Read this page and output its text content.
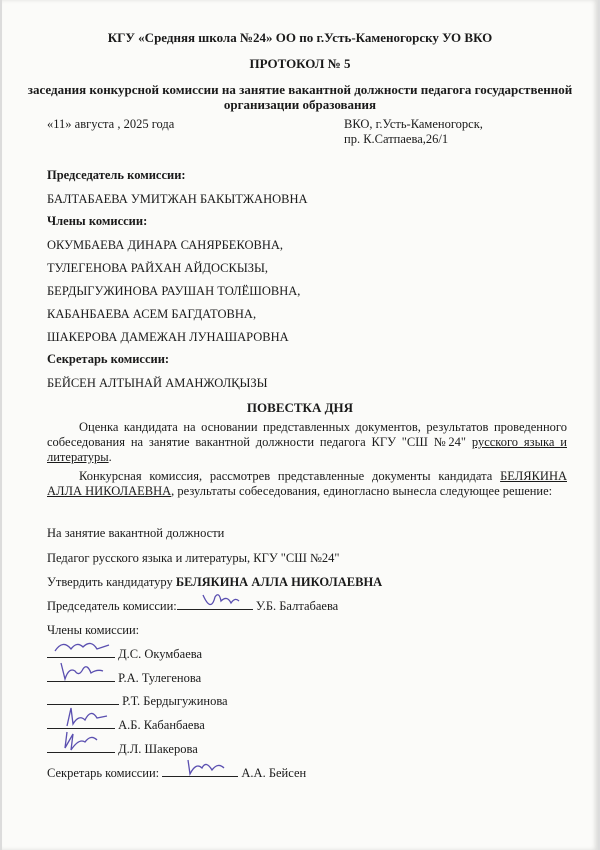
КГУ «Средняя школа №24» ОО по г.Усть-Каменогорску УО ВКО
ПРОТОКОЛ № 5
заседания конкурсной комиссии на занятие вакантной должности педагога государственной
организации образования
«11» августа , 2025 года	ВКО, г.Усть-Каменогорск,
пр. К.Сатпаева,26/1
Председатель комиссии:
БАЛТАБАЕВА УМИТЖАН БАКЫТЖАНОВНА
Члены комиссии:
ОКУМБАЕВА ДИНАРА САНЯРБЕКОВНА,
ТУЛЕГЕНОВА РАЙХАН АЙДОСКЫЗЫ,
БЕРДЫГУЖИНОВА РАУШАН ТОЛЁШОВНА,
КАБАНБАЕВА АСЕМ БАГДАТОВНА,
ШАКЕРОВА ДАМЕЖАН ЛУНАШАРОВНА
Секретарь комиссии:
БЕЙСЕН АЛТЫНАЙ АМАНЖОЛҚЫЗЫ
ПОВЕСТКА ДНЯ
Оценка кандидата на основании представленных документов, результатов проведенного собеседования на занятие вакантной должности педагога КГУ "СШ №24" русского языка и литературы.
Конкурсная комиссия, рассмотрев представленные документы кандидата БЕЛЯКИНА АЛЛА НИКОЛАЕВНА, результаты собеседования, единогласно вынесла следующее решение:
На занятие вакантной должности
Педагог русского языка и литературы, КГУ "СШ №24"
Утвердить кандидатуру БЕЛЯКИНА АЛЛА НИКОЛАЕВНА
Председатель комиссии:	У.Б. Балтабаева
Члены комиссии:
Д.С. Окумбаева
Р.А. Тулегенова
Р.Т. Бердыгужинова
А.Б. Кабанбаева
Д.Л. Шакерова
Секретарь комиссии:	А.А. Бейсен
